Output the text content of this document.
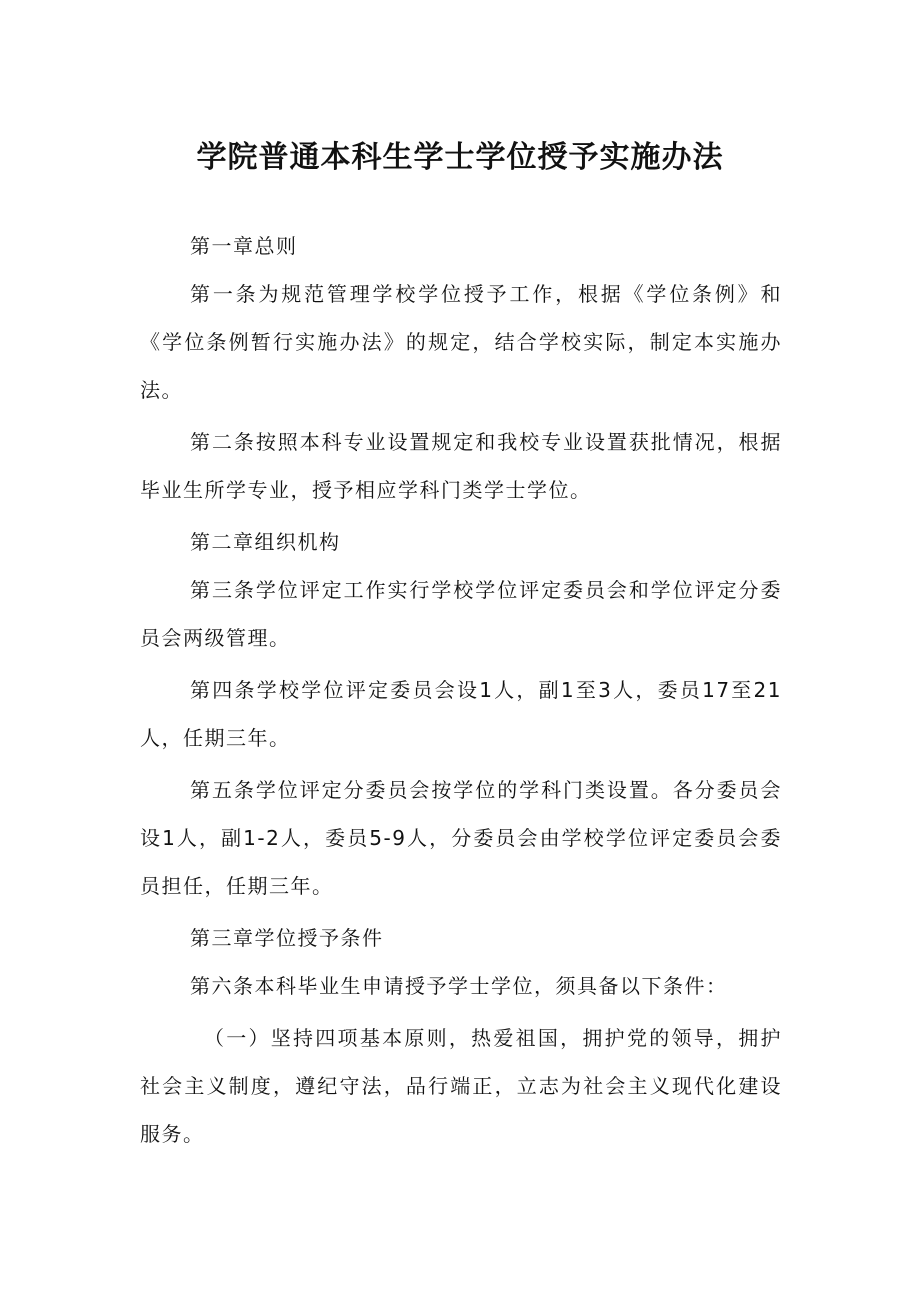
学院普通本科生学士学位授予实施办法

第一章总则

第一条为规范管理学校学位授予工作，根据《学位条例》和《学位条例暂行实施办法》的规定，结合学校实际，制定本实施办法。

第二条按照本科专业设置规定和我校专业设置获批情况，根据毕业生所学专业，授予相应学科门类学士学位。

第二章组织机构

第三条学位评定工作实行学校学位评定委员会和学位评定分委员会两级管理。

第四条学校学位评定委员会设1人，副1至3人，委员17至21人，任期三年。

第五条学位评定分委员会按学位的学科门类设置。各分委员会设1人，副1-2人，委员5-9人，分委员会由学校学位评定委员会委员担任，任期三年。

第三章学位授予条件

第六条本科毕业生申请授予学士学位，须具备以下条件：

（一）坚持四项基本原则，热爱祖国，拥护党的领导，拥护社会主义制度，遵纪守法，品行端正，立志为社会主义现代化建设服务。
